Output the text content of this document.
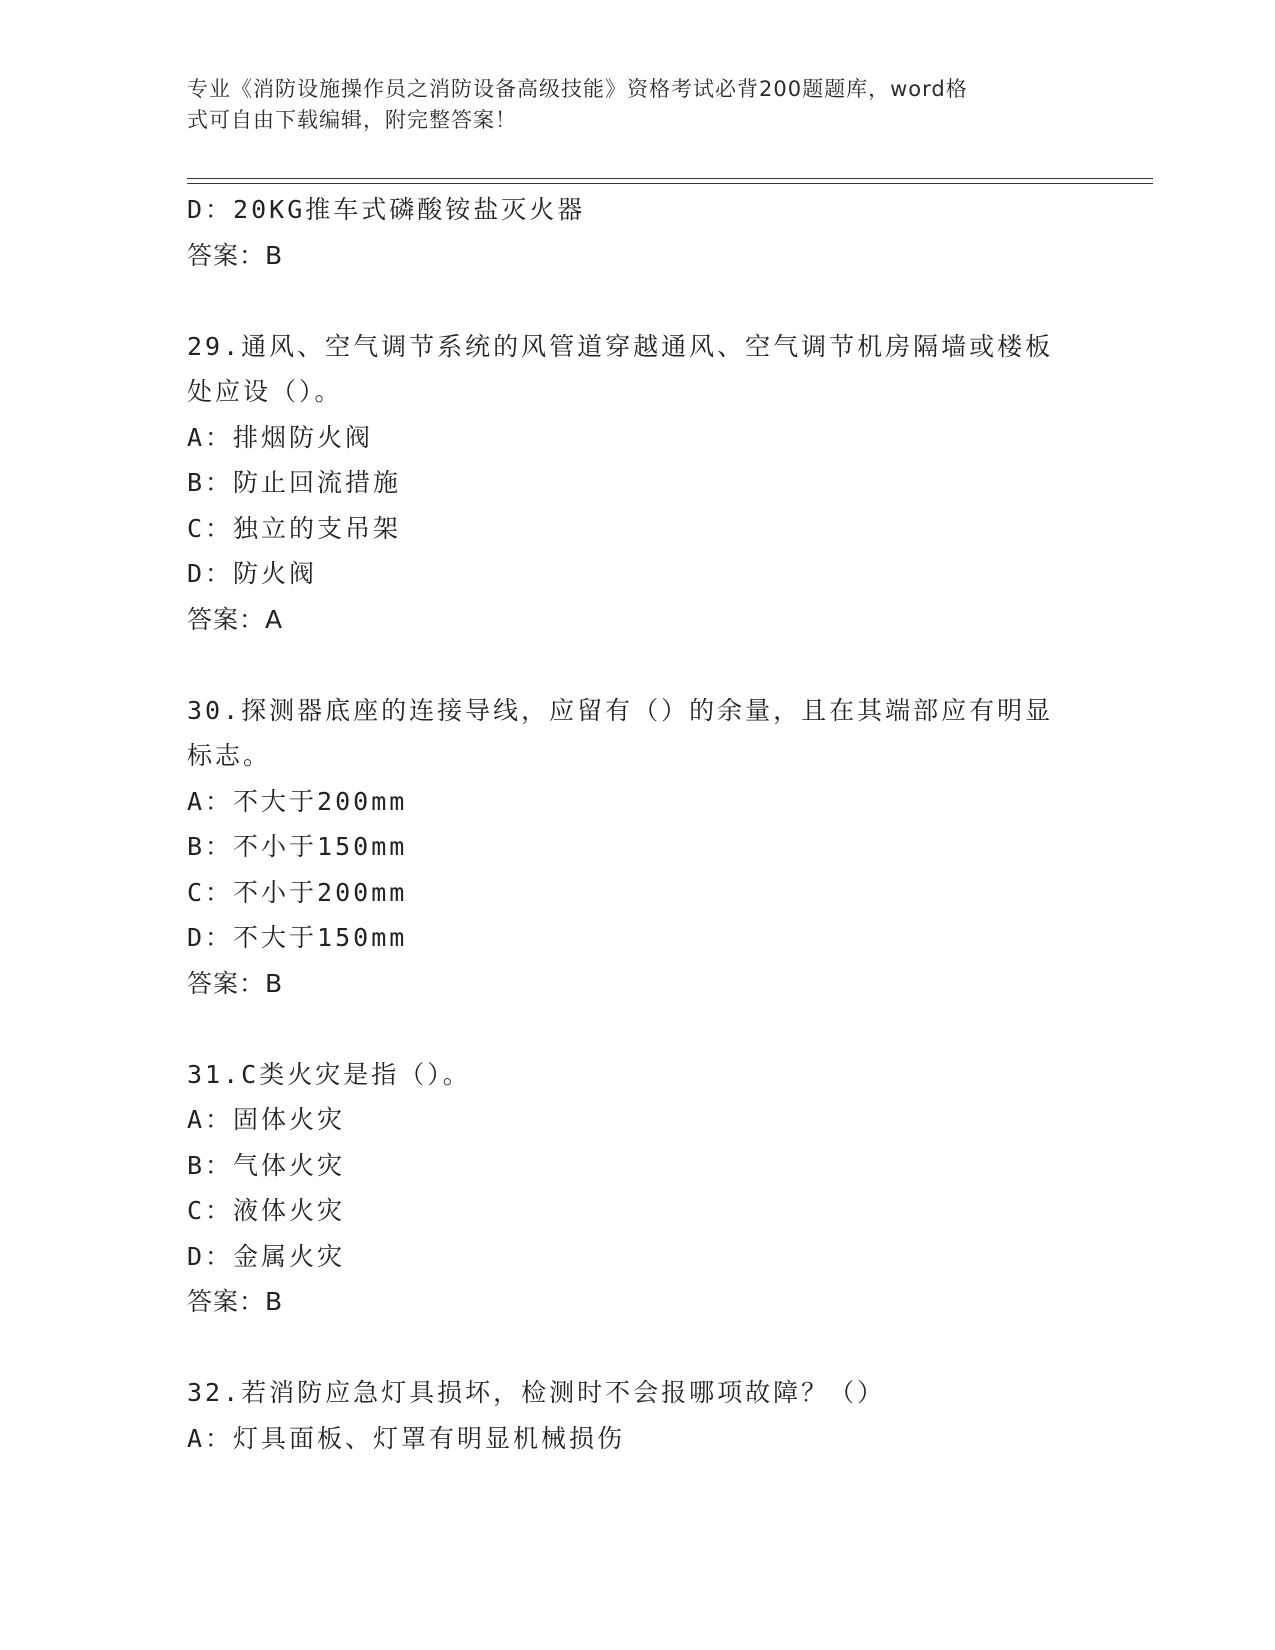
专业《消防设施操作员之消防设备高级技能》资格考试必背200题题库，word格
式可自由下载编辑，附完整答案！
D：20KG推车式磷酸铵盐灭火器
答案：B
29.通风、空气调节系统的风管道穿越通风、空气调节机房隔墙或楼板
处应设（）。
A：排烟防火阀
B：防止回流措施
C：独立的支吊架
D：防火阀
答案：A
30.探测器底座的连接导线，应留有（）的余量，且在其端部应有明显
标志。
A：不大于200mm
B：不小于150mm
C：不小于200mm
D：不大于150mm
答案：B
31.C类火灾是指（）。
A：固体火灾
B：气体火灾
C：液体火灾
D：金属火灾
答案：B
32.若消防应急灯具损坏，检测时不会报哪项故障？（）
A：灯具面板、灯罩有明显机械损伤
